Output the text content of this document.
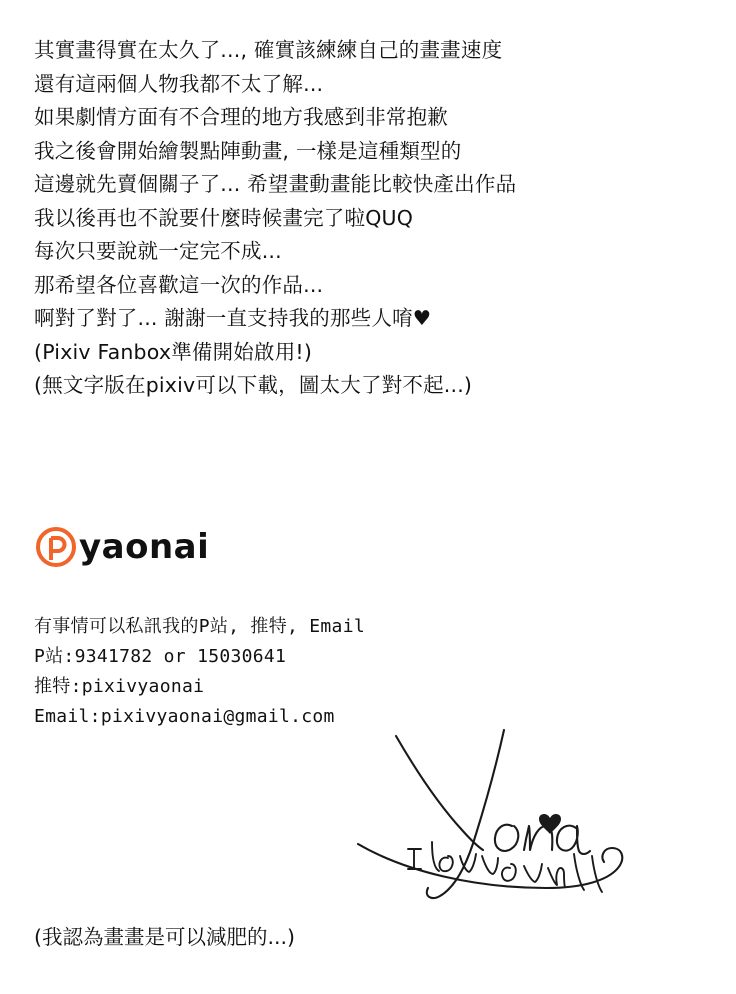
其實畫得實在太久了..., 確實該練練自己的畫畫速度
還有這兩個人物我都不太了解...
如果劇情方面有不合理的地方我感到非常抱歉
我之後會開始繪製點陣動畫, 一樣是這種類型的
這邊就先賣個關子了... 希望畫動畫能比較快產出作品
我以後再也不說要什麼時候畫完了啦QUQ
每次只要說就一定完不成...
那希望各位喜歡這一次的作品...
啊對了對了... 謝謝一直支持我的那些人唷♥
(Pixiv Fanbox準備開始啟用!)
(無文字版在pixiv可以下載，圖太大了對不起...)
yaonai
有事情可以私訊我的P站, 推特, Email
P站:9341782 or 15030641
推特:pixivyaonai
Email:pixivyaonai@gmail.com
(我認為畫畫是可以減肥的...)
